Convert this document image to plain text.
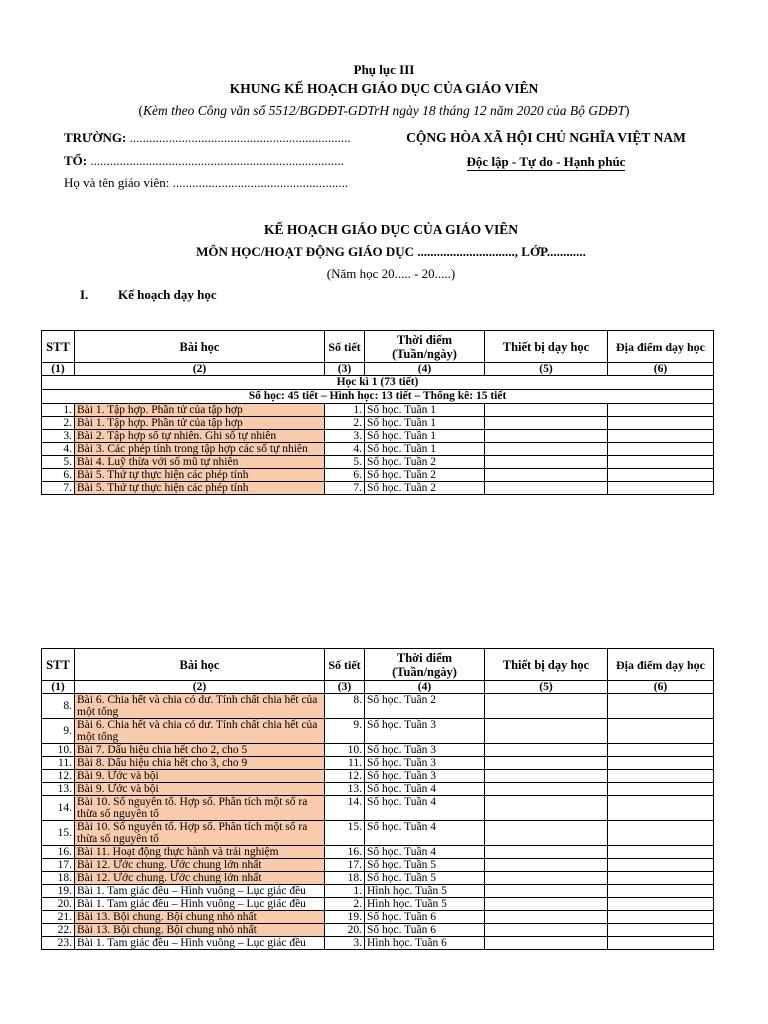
Phụ lục III
KHUNG KẾ HOẠCH GIÁO DỤC CỦA GIÁO VIÊN
(Kèm theo Công văn số 5512/BGDĐT-GDTrH ngày 18 tháng 12 năm 2020 của Bộ GDĐT)
TRƯỜNG: ....................................................................
TỔ: ..............................................................................
Họ và tên giáo viên: ......................................................
CỘNG HÒA XÃ HỘI CHỦ NGHĨA VIỆT NAM
Độc lập - Tự do - Hạnh phúc
KẾ HOẠCH GIÁO DỤC CỦA GIÁO VIÊN
MÔN HỌC/HOẠT ĐỘNG GIÁO DỤC .............................., LỚP............
(Năm học 20..... - 20.....)
I. Kế hoạch dạy học
STT	Bài học	Số tiết	Thời điểm
(Tuần/ngày)	Thiết bị dạy học	Địa điểm dạy học
(1)	(2)	(3)	(4)	(5)	(6)
Học kì 1 (73 tiết)					
Số học: 45 tiết – Hình học: 13 tiết – Thống kê: 15 tiết					
1.	Bài 1. Tập hợp. Phần tử của tập hợp	1.	Số học. Tuần 1		
2.	Bài 1. Tập hợp. Phần tử của tập hợp	2.	Số học. Tuần 1		
3.	Bài 2. Tập hợp số tự nhiên. Ghi số tự nhiên	3.	Số học. Tuần 1		
4.	Bài 3. Các phép tính trong tập hợp các số tự nhiên	4.	Số học. Tuần 1		
5.	Bài 4. Luỹ thừa với số mũ tự nhiên	5.	Số học. Tuần 2		
6.	Bài 5. Thứ tự thực hiện các phép tính	6.	Số học. Tuần 2		
7.	Bài 5. Thứ tự thực hiện các phép tính	7.	Số học. Tuần 2		
STT	Bài học	Số tiết	Thời điểm
(Tuần/ngày)	Thiết bị dạy học	Địa điểm dạy học
(1)	(2)	(3)	(4)	(5)	(6)
8.	Bài 6. Chia hết và chia có dư. Tính chất chia hết của một tổng	8.	Số học. Tuần 2		
9.	Bài 6. Chia hết và chia có dư. Tính chất chia hết của một tổng	9.	Số học. Tuần 3		
10.	Bài 7. Dấu hiệu chia hết cho 2, cho 5	10.	Số học. Tuần 3		
11.	Bài 8. Dấu hiệu chia hết cho 3, cho 9	11.	Số học. Tuần 3		
12.	Bài 9. Ước và bội	12.	Số học. Tuần 3		
13.	Bài 9. Ước và bội	13.	Số học. Tuần 4		
14.	Bài 10. Số nguyên tố. Hợp số. Phân tích một số ra thừa số nguyên tố	14.	Số học. Tuần 4		
15.	Bài 10. Số nguyên tố. Hợp số. Phân tích một số ra thừa số nguyên tố	15.	Số học. Tuần 4		
16.	Bài 11. Hoạt động thực hành và trải nghiệm	16.	Số học. Tuần 4		
17.	Bài 12. Ước chung. Ước chung lớn nhất	17.	Số học. Tuần 5		
18.	Bài 12. Ước chung. Ước chung lớn nhất	18.	Số học. Tuần 5		
19.	Bài 1. Tam giác đều – Hình vuông – Lục giác đều	1.	Hình học. Tuần 5		
20.	Bài 1. Tam giác đều – Hình vuông – Lục giác đều	2.	Hình học. Tuần 5		
21.	Bài 13. Bội chung. Bội chung nhỏ nhất	19.	Số học. Tuần 6		
22.	Bài 13. Bội chung. Bội chung nhỏ nhất	20.	Số học. Tuần 6		
23.	Bài 1. Tam giác đều – Hình vuông – Lục giác đều	3.	Hình học. Tuần 6		
